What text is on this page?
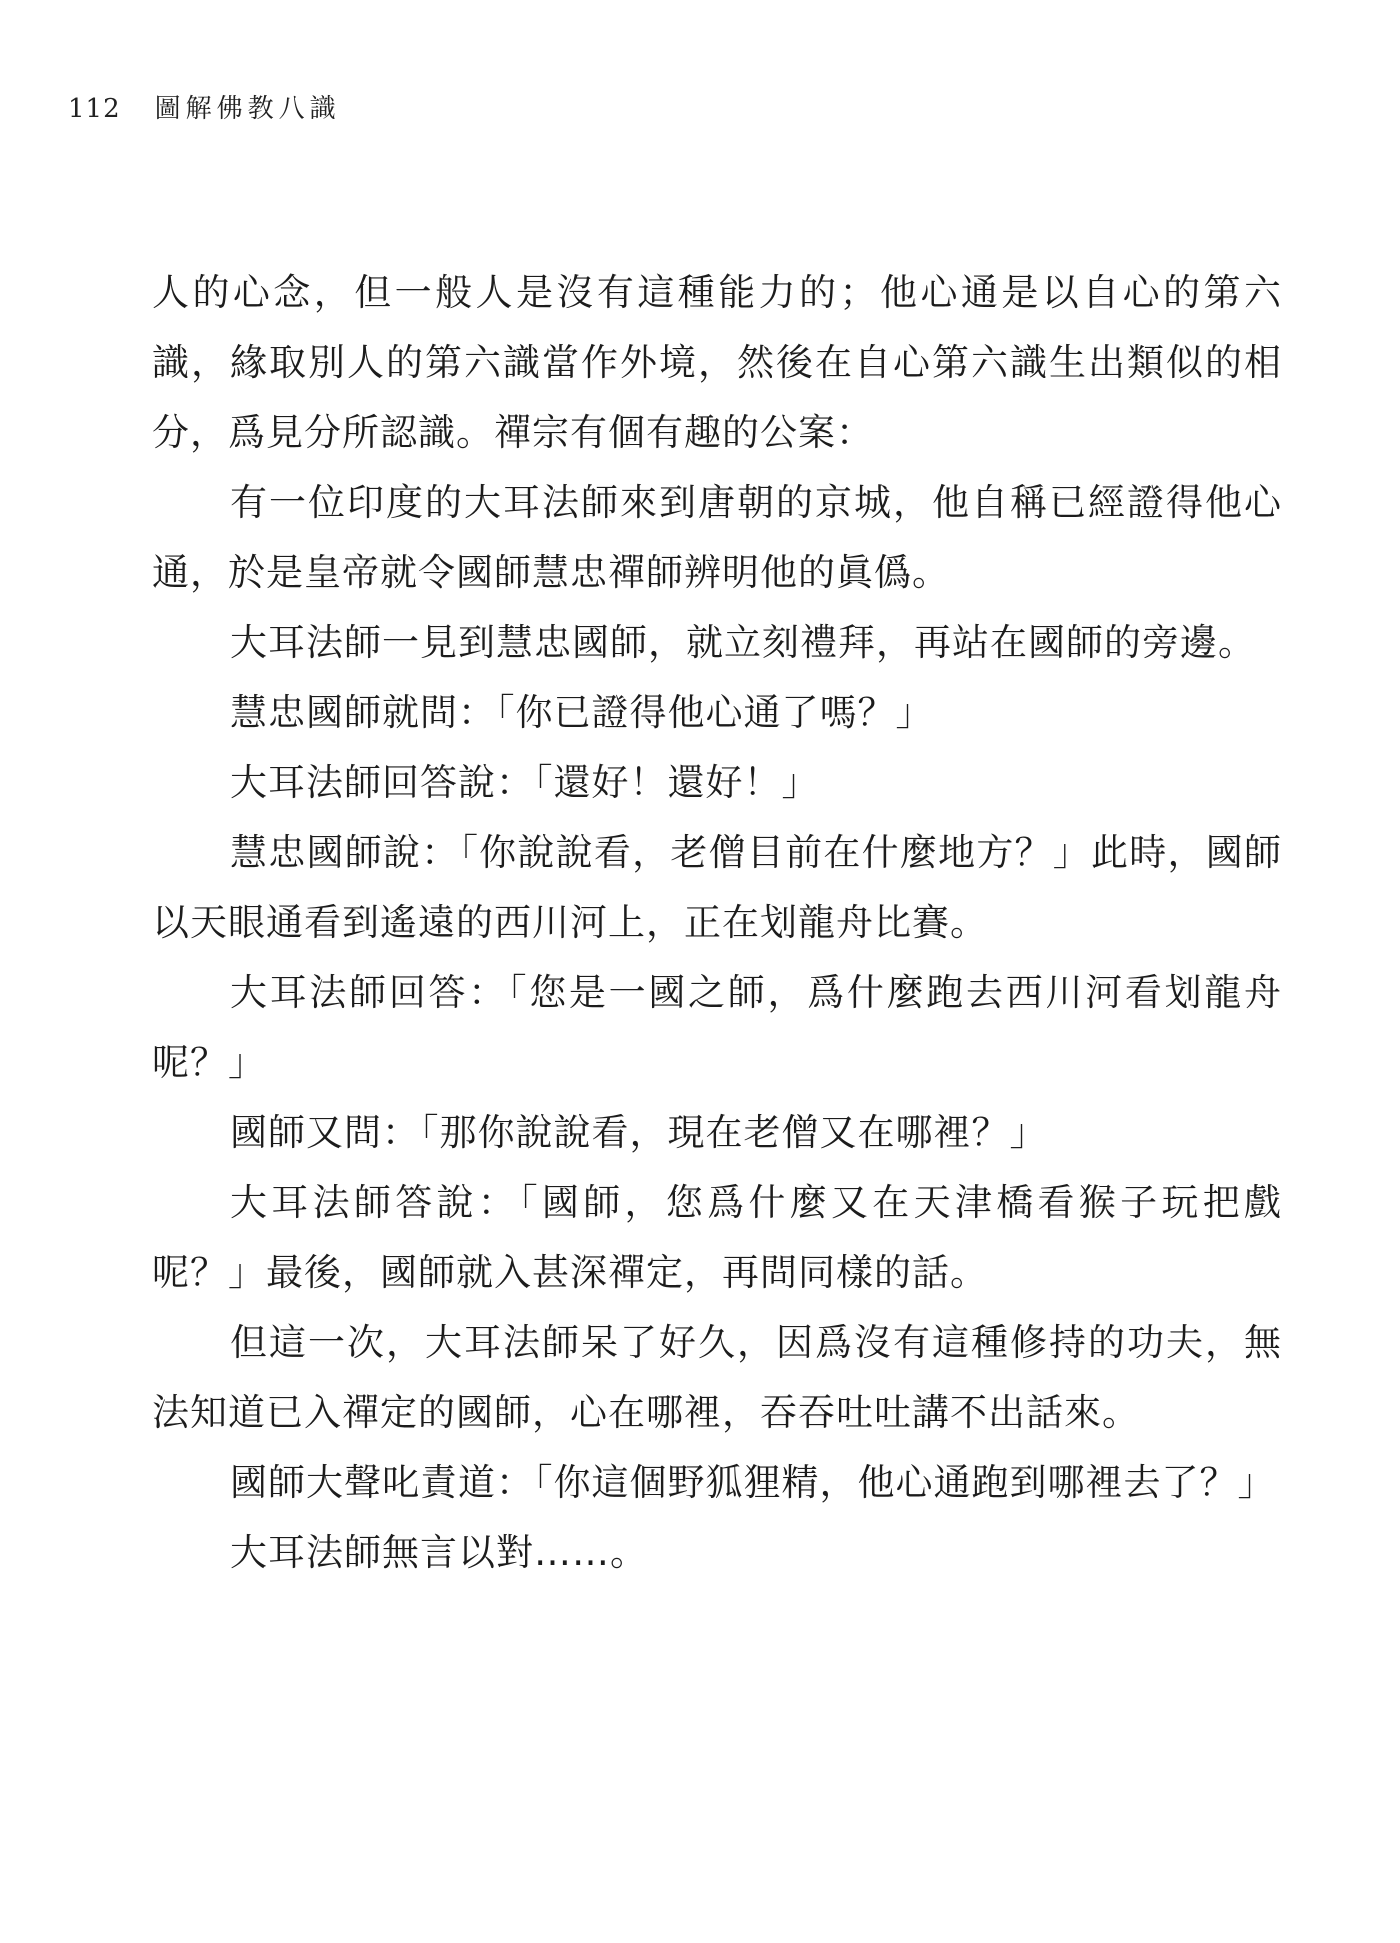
112 圖解佛教八識

人的心念，但一般人是沒有這種能力的；他心通是以自心的第六識，緣取別人的第六識當作外境，然後在自心第六識生出類似的相分，爲見分所認識。禪宗有個有趣的公案：

有一位印度的大耳法師來到唐朝的京城，他自稱已經證得他心通，於是皇帝就令國師慧忠禪師辨明他的眞僞。

大耳法師一見到慧忠國師，就立刻禮拜，再站在國師的旁邊。

慧忠國師就問：「你已證得他心通了嗎？」

大耳法師回答說：「還好！還好！」

慧忠國師說：「你說說看，老僧目前在什麼地方？」此時，國師以天眼通看到遙遠的西川河上，正在划龍舟比賽。

大耳法師回答：「您是一國之師，爲什麼跑去西川河看划龍舟呢？」

國師又問：「那你說說看，現在老僧又在哪裡？」

大耳法師答說：「國師，您爲什麼又在天津橋看猴子玩把戲呢？」最後，國師就入甚深禪定，再問同樣的話。

但這一次，大耳法師呆了好久，因爲沒有這種修持的功夫，無法知道已入禪定的國師，心在哪裡，吞吞吐吐講不出話來。

國師大聲叱責道：「你這個野狐狸精，他心通跑到哪裡去了？」

大耳法師無言以對……。
